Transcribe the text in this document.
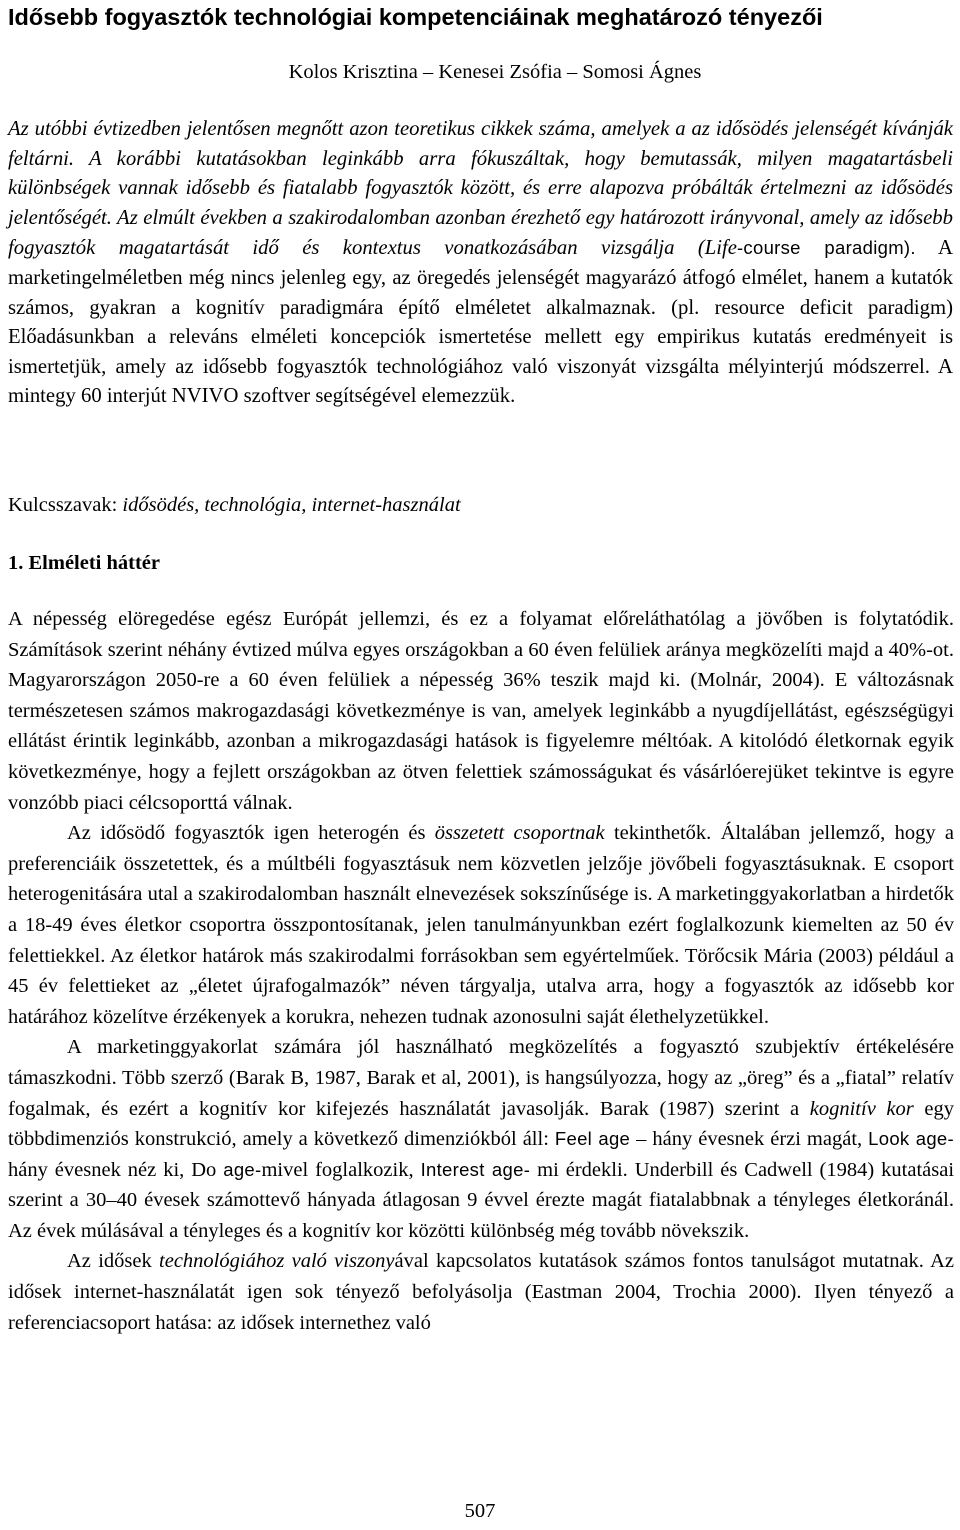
Idősebb fogyasztók technológiai kompetenciáinak meghatározó tényezői
Kolos Krisztina – Kenesei Zsófia – Somosi Ágnes

Az utóbbi évtizedben jelentősen megnőtt azon teoretikus cikkek száma, amelyek a az idősödés jelenségét kívánják feltárni. A korábbi kutatásokban leginkább arra fókuszáltak, hogy bemutassák, milyen magatartásbeli különbségek vannak idősebb és fiatalabb fogyasztók között, és erre alapozva próbálták értelmezni az idősödés jelentőségét. Az elmúlt években a szakirodalomban azonban érezhető egy határozott irányvonal, amely az idősebb fogyasztók magatartását idő és kontextus vonatkozásában vizsgálja (Life-course paradigm). A marketingelméletben még nincs jelenleg egy, az öregedés jelenségét magyarázó átfogó elmélet, hanem a kutatók számos, gyakran a kognitív paradigmára építő elméletet alkalmaznak. (pl. resource deficit paradigm) Előadásunkban a releváns elméleti koncepciók ismertetése mellett egy empirikus kutatás eredményeit is ismertetjük, amely az idősebb fogyasztók technológiához való viszonyát vizsgálta mélyinterjú módszerrel. A mintegy 60 interjút NVIVO szoftver segítségével elemezzük.

Kulcsszavak: idősödés, technológia, internet-használat
1. Elméleti háttér

A népesség elöregedése egész Európát jellemzi, és ez a folyamat előreláthatólag a jövőben is folytatódik. Számítások szerint néhány évtized múlva egyes országokban a 60 éven felüliek aránya megközelíti majd a 40%-ot. Magyarországon 2050-re a 60 éven felüliek a népesség 36% teszik majd ki. (Molnár, 2004). E változásnak természetesen számos makrogazdasági következménye is van, amelyek leginkább a nyugdíjellátást, egészségügyi ellátást érintik leginkább, azonban a mikrogazdasági hatások is figyelemre méltóak. A kitolódó életkornak egyik következménye, hogy a fejlett országokban az ötven felettiek számosságukat és vásárlóerejüket tekintve is egyre vonzóbb piaci célcsoporttá válnak.

Az idősödő fogyasztók igen heterogén és összetett csoportnak tekinthetők. Általában jellemző, hogy a preferenciáik összetettek, és a múltbéli fogyasztásuk nem közvetlen jelzője jövőbeli fogyasztásuknak. E csoport heterogenitására utal a szakirodalomban használt elnevezések sokszínűsége is. A marketinggyakorlatban a hirdetők a 18-49 éves életkor csoportra összpontosítanak, jelen tanulmányunkban ezért foglalkozunk kiemelten az 50 év felettiekkel. Az életkor határok más szakirodalmi forrásokban sem egyértelműek. Törőcsik Mária (2003) például a 45 év felettieket az „életet újrafogalmazók” néven tárgyalja, utalva arra, hogy a fogyasztók az idősebb kor határához közelítve érzékenyek a korukra, nehezen tudnak azonosulni saját élethelyzetükkel.

A marketinggyakorlat számára jól használható megközelítés a fogyasztó szubjektív értékelésére támaszkodni. Több szerző (Barak B, 1987, Barak et al, 2001), is hangsúlyozza, hogy az „öreg” és a „fiatal” relatív fogalmak, és ezért a kognitív kor kifejezés használatát javasolják. Barak (1987) szerint a kognitív kor egy többdimenziós konstrukció, amely a következő dimenziókból áll: Feel age – hány évesnek érzi magát, Look age- hány évesnek néz ki, Do age-mivel foglalkozik, Interest age- mi érdekli. Underbill és Cadwell (1984) kutatásai szerint a 30–40 évesek számottevő hányada átlagosan 9 évvel érezte magát fiatalabbnak a tényleges életkoránál. Az évek múlásával a tényleges és a kognitív kor közötti különbség még tovább növekszik.

Az idősek technológiához való viszonyával kapcsolatos kutatások számos fontos tanulságot mutatnak. Az idősek internet-használatát igen sok tényező befolyásolja (Eastman 2004, Trochia 2000). Ilyen tényező a referenciacsoport hatása: az idősek internethez való

507
